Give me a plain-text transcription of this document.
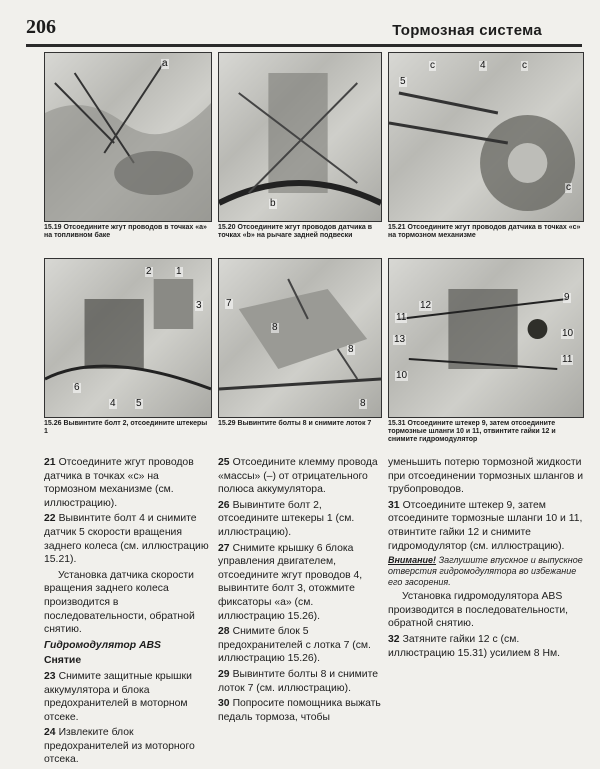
206	Тормозная система
a
15.19 Отсоедините жгут проводов в точках «а» на топливном баке
b
15.20 Отсоедините жгут проводов датчика в точках «b» на рычаге задней подвески
c	4	c
5
c
15.21 Отсоедините жгут проводов датчика в точках «с» на тормозном механизме
2 1
3
6
4 5
15.26 Вывинтите болт 2, отсоедините штекеры 1
7
8
8
8
15.29 Вывинтите болты 8 и снимите лоток 7
9
12
11
10
13
11
10
15.31 Отсоедините штекер 9, затем отсоедините тормозные шланги 10 и 11, отвинтите гайки 12 и снимите гидромодулятор

21 Отсоедините жгут проводов датчика в точках «с» на тормозном механизме (см. иллюстрацию).

22 Вывинтите болт 4 и снимите датчик 5 скорости вращения заднего колеса (см. иллюстрацию 15.21).

Установка датчика скорости вращения заднего колеса производится в последовательности, обратной снятию.

Гидромодулятор ABS

Снятие

23 Снимите защитные крышки аккумулятора и блока предохранителей в моторном отсеке.

24 Извлеките блок предохранителей из моторного отсека.

25 Отсоедините клемму провода «массы» (–) от отрицательного полюса аккумулятора.

26 Вывинтите болт 2, отсоедините штекеры 1 (см. иллюстрацию).

27 Снимите крышку 6 блока управления двигателем, отсоедините жгут проводов 4, вывинтите болт 3, отожмите фиксаторы «а» (см. иллюстрацию 15.26).

28 Снимите блок 5 предохранителей с лотка 7 (см. иллюстрацию 15.26).

29 Вывинтите болты 8 и снимите лоток 7 (см. иллюстрацию).

30 Попросите помощника выжать педаль тормоза, чтобы

уменьшить потерю тормозной жидкости при отсоединении тормозных шлангов и трубопроводов.

31 Отсоедините штекер 9, затем отсоедините тормозные шланги 10 и 11, отвинтите гайки 12 и снимите гидромодулятор (см. иллюстрацию).

Внимание! Заглушите впускное и выпускное отверстия гидромодулятора во избежание его засорения.

Установка гидромодулятора ABS производится в последовательности, обратной снятию.

32 Затяните гайки 12 с (см. иллюстрацию 15.31) усилием 8 Нм.
